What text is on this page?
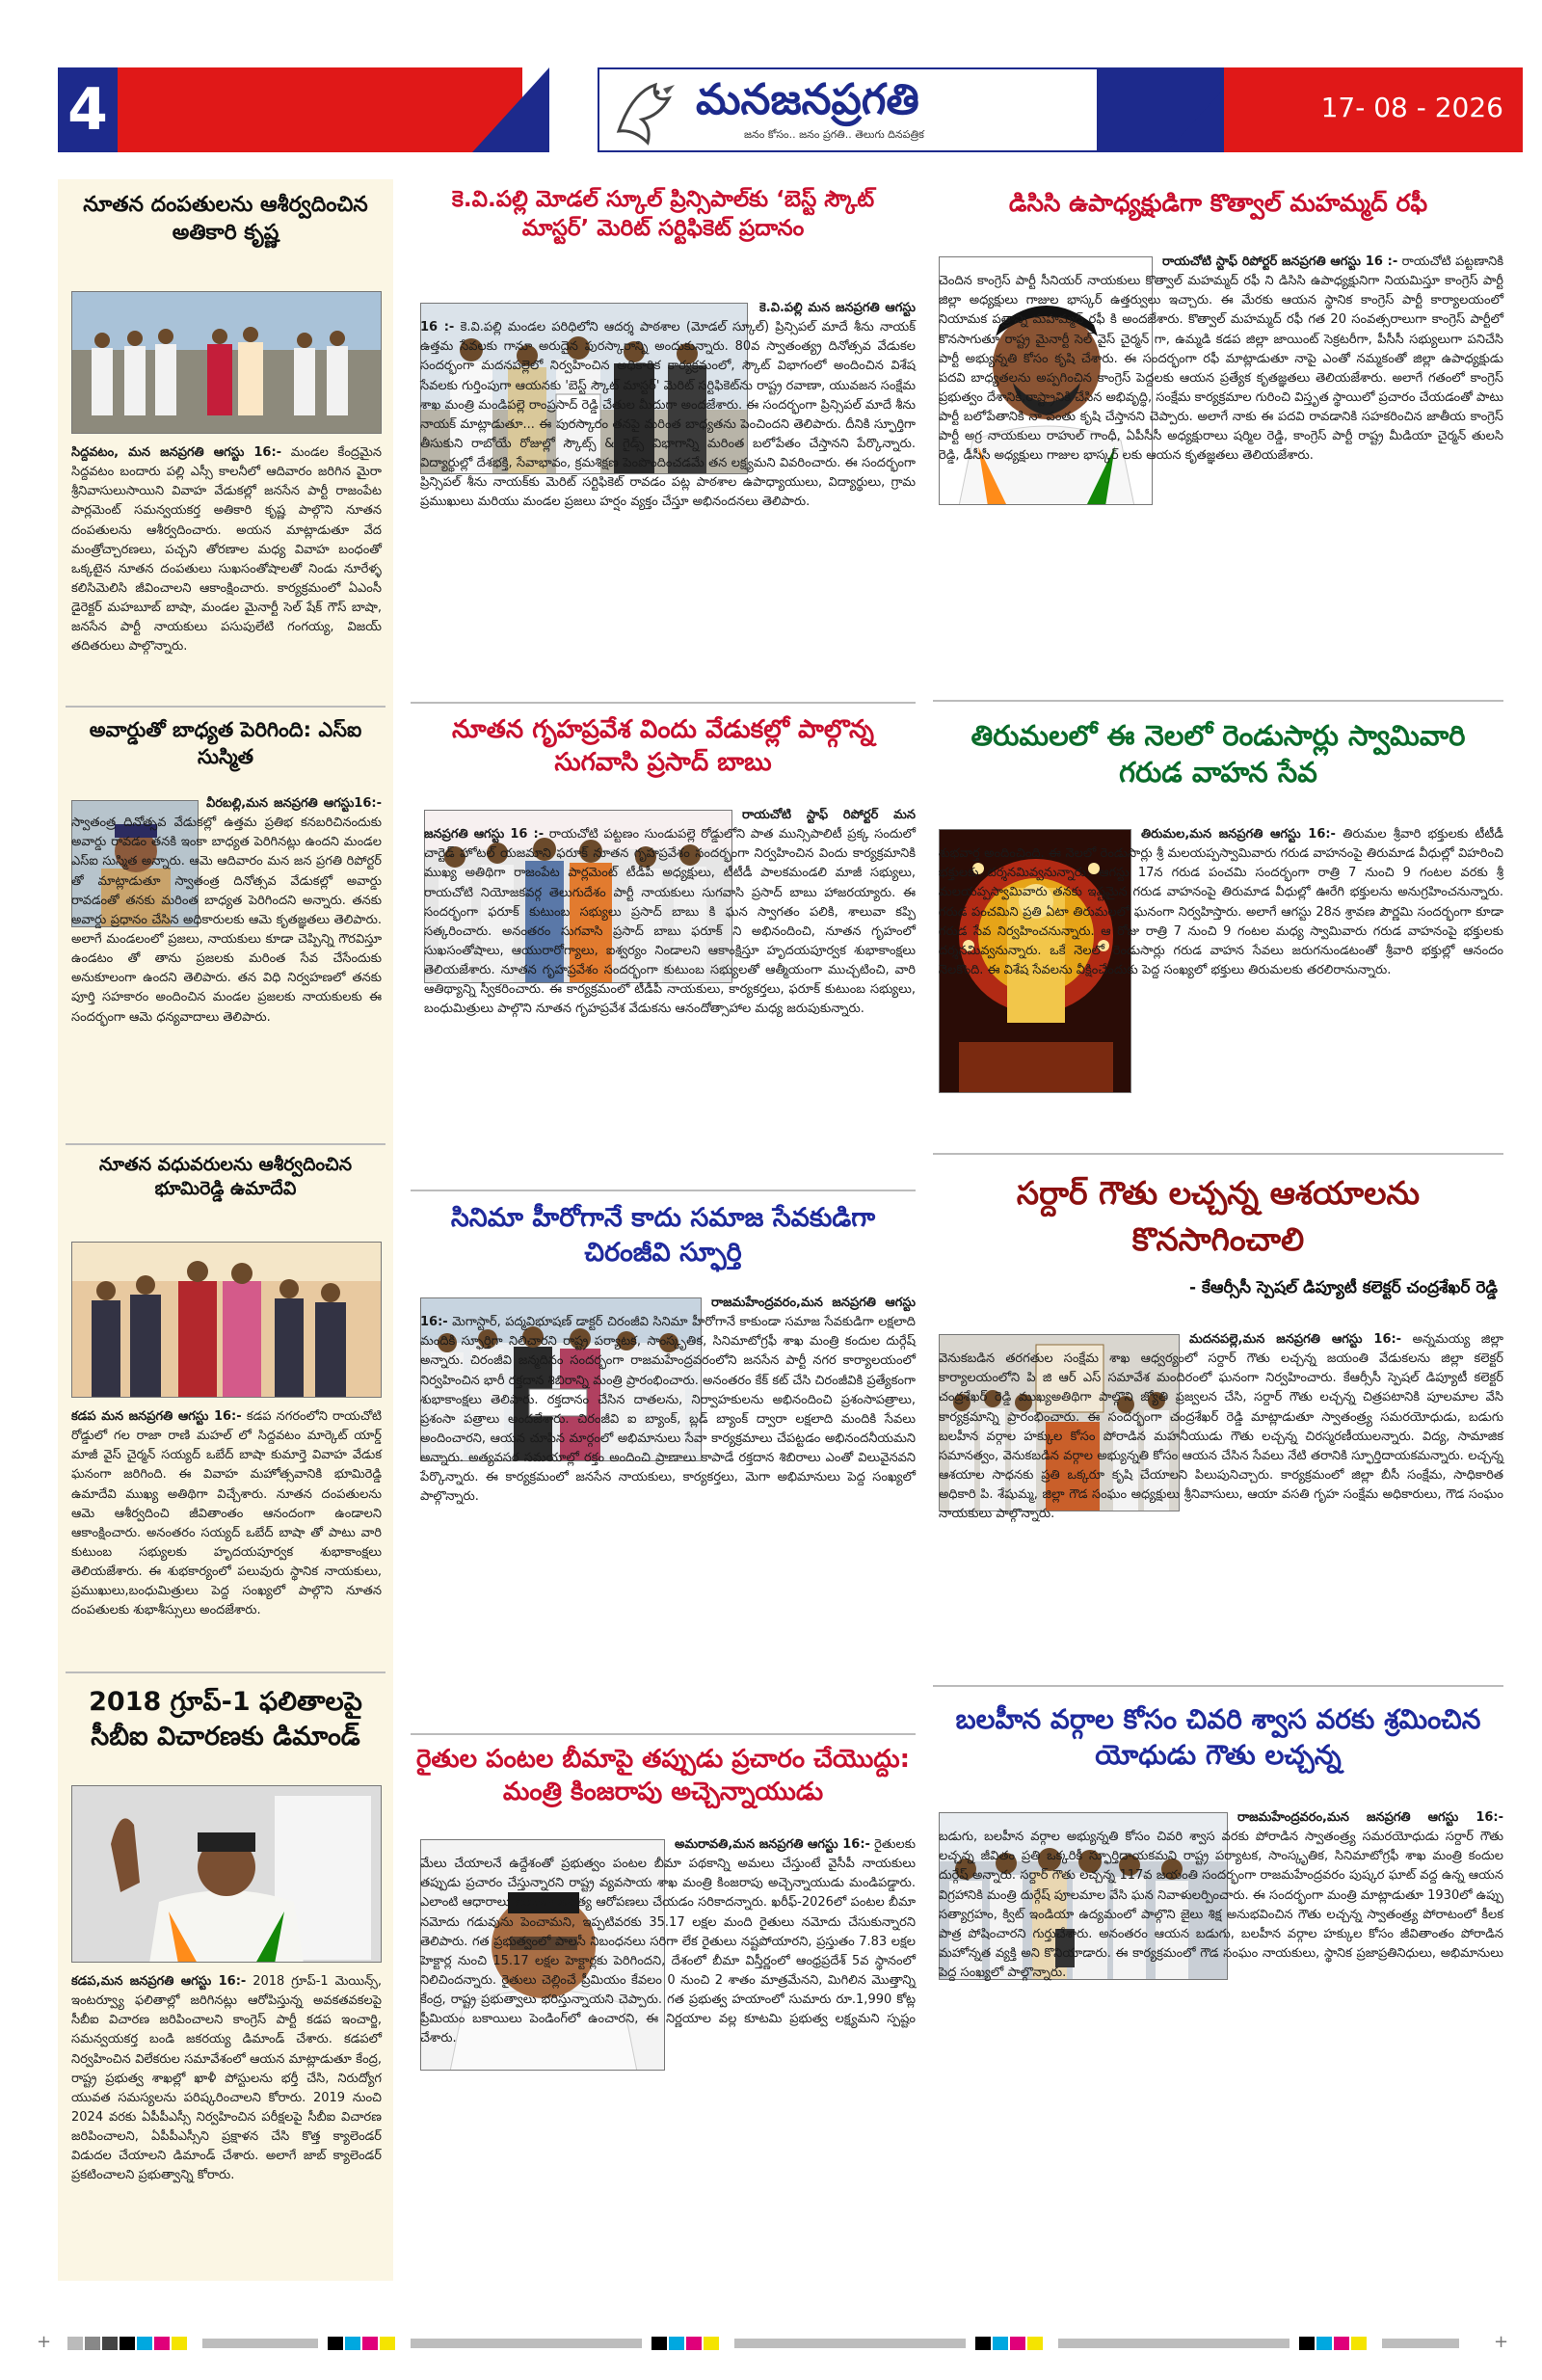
4	17- 08 - 2026
మనజనప్రగతి
జనం కోసం.. జనం ప్రగతి.. తెలుగు దినపత్రిక
నూతన దంపతులను ఆశీర్వదించిన అతికారి కృష్ణ
సిద్దవటం, మన జనప్రగతి ఆగస్టు 16:- మండల కేంద్రమైన సిద్దవటం బందారు పల్లి ఎస్సీ కాలనీలో ఆదివారం జరిగిన మైరా శ్రీనివాసులుసాయిని వివాహ వేడుకల్లో జనసేన పార్టీ రాజంపేట పార్లమెంట్ సమన్వయకర్త అతికారి కృష్ణ పాల్గొని నూతన దంపతులను ఆశీర్వదించారు. అయన మాట్లాడుతూ వేద మంత్రోచ్చారణలు, పచ్చని తోరణాల మధ్య వివాహ బంధంతో ఒక్కటైన నూతన దంపతులు సుఖసంతోషాలతో నిండు నూరేళ్ళ కలిసిమెలిసి జీవించాలని ఆకాంక్షించారు. కార్యక్రమంలో ఏఎంసీ డైరెక్టర్ మహబూబ్ బాషా, మండల మైనార్టీ సెల్ షేక్ గౌస్ బాషా, జనసేన పార్టీ నాయకులు పసుపులేటి గంగయ్య, విజయ్ తదితరులు పాల్గొన్నారు.
అవార్డుతో బాధ్యత పెరిగింది: ఎస్ఐ సుస్మిత
వీరబల్లి,మన జనప్రగతి ఆగస్టు16:- స్వాతంత్ర దినోత్సవ వేడుకల్లో ఉత్తమ ప్రతిభ కనబరిచినందుకు అవార్డు రావడం తనకి ఇంకా బాధ్యత పెరిగినట్లు ఉందని మండల ఎస్ఐ సుస్మిత అన్నారు. ఆమె ఆదివారం మన జన ప్రగతి రిపోర్టర్ తో మాట్లాడుతూ స్వాతంత్ర దినోత్సవ వేడుకల్లో అవార్డు రావడంతో తనకు మరింత బాధ్యత పెరిగిందని అన్నారు. తనకు అవార్డు ప్రధానం చేసిన అధికారులకు ఆమె కృతజ్ఞతలు తెలిపారు. అలాగే మండలంలో ప్రజలు, నాయకులు కూడా చెప్పిన్ని గౌరవిస్తూ ఉండటం తో తాను ప్రజలకు మరింత సేవ చేసేందుకు అనుకూలంగా ఉందని తెలిపారు. తన విధి నిర్వహణలో తనకు పూర్తి సహకారం అందించిన మండల ప్రజలకు నాయకులకు ఈ సందర్భంగా ఆమె ధన్యవాదాలు తెలిపారు.
నూతన వధువరులను ఆశీర్వదించిన భూమిరెడ్డి ఉమాదేవి
కడప మన జనప్రగతి ఆగస్టు 16:- కడప నగరంలోని రాయచోటి రోడ్డులో గల రాజా రాణి మహల్ లో సిద్దవటం మార్కెట్ యార్డ్ మాజీ వైస్ చైర్మన్ సయ్యద్ ఒబేద్ బాషా కుమార్తె వివాహ వేడుక ఘనంగా జరిగింది. ఈ వివాహ మహోత్సవానికి భూమిరెడ్డి ఉమాదేవి ముఖ్య అతిథిగా విచ్చేశారు. నూతన దంపతులను ఆమె ఆశీర్వదించి జీవితాంతం ఆనందంగా ఉండాలని ఆకాంక్షించారు. అనంతరం సయ్యద్ ఒబేద్ బాషా తో పాటు వారి కుటుంబ సభ్యులకు హృదయపూర్వక శుభాకాంక్షలు తెలియజేశారు. ఈ శుభకార్యంలో పలువురు స్థానిక నాయకులు, ప్రముఖులు,బంధుమిత్రులు పెద్ద సంఖ్యలో పాల్గొని నూతన దంపతులకు శుభాశీస్సులు అందజేశారు.
2018 గ్రూప్-1 ఫలితాలపై సీబీఐ విచారణకు డిమాండ్
కడప,మన జనప్రగతి ఆగస్టు 16:- 2018 గ్రూప్-1 మెయిన్స్, ఇంటర్వ్యూ ఫలితాల్లో జరిగినట్లు ఆరోపిస్తున్న అవకతవకలపై సీబీఐ విచారణ జరిపించాలని కాంగ్రెస్ పార్టీ కడప ఇంచార్జి, సమన్వయకర్త బండి జకరయ్య డిమాండ్ చేశారు. కడపలో నిర్వహించిన విలేకరుల సమావేశంలో ఆయన మాట్లాడుతూ కేంద్ర, రాష్ట్ర ప్రభుత్వ శాఖల్లో ఖాళీ పోస్టులను భర్తీ చేసి, నిరుద్యోగ యువత సమస్యలను పరిష్కరించాలని కోరారు. 2019 నుంచి 2024 వరకు ఏపీపీఎస్సీ నిర్వహించిన పరీక్షలపై సీబీఐ విచారణ జరిపించాలని, ఏపీపీఎస్సీని ప్రక్షాళన చేసి కొత్త క్యాలెండర్ విడుదల చేయాలని డిమాండ్ చేశారు. అలాగే జాబ్ క్యాలెండర్ ప్రకటించాలని ప్రభుత్వాన్ని కోరారు.
కె.వి.పల్లి మోడల్ స్కూల్ ప్రిన్సిపాల్‌కు ‘బెస్ట్ స్కౌట్ మాస్టర్’ మెరిట్ సర్టిఫికెట్ ప్రదానం
కె.వి.పల్లి మన జనప్రగతి ఆగస్టు 16 :- కె.వి.పల్లి మండల పరిధిలోని ఆదర్శ పాఠశాల (మోడల్ స్కూల్) ప్రిన్సిపల్ మాదే శీను నాయక్ ఉత్తమ సేవలకు గానూ అరుదైన పురస్కారాన్ని అందుకున్నారు. 80వ స్వాతంత్య్ర దినోత్సవ వేడుకల సందర్భంగా మదనపల్లెలో నిర్వహించిన అధికారిక కార్యక్రమంలో, స్కౌట్ విభాగంలో అందించిన విశేష సేవలకు గుర్తింపుగా ఆయనకు 'బెస్ట్ స్కౌట్ మాస్టర్' మెరిట్ సర్టిఫికెట్‌ను రాష్ట్ర రవాణా, యువజన సంక్షేమ శాఖ మంత్రి మండిపల్లె రాంప్రసాద్ రెడ్డి చేతుల మీదుగా అందజేశారు. ఈ సందర్భంగా ప్రిన్సిపల్ మాదే శీను నాయక్ మాట్లాడుతూ... ఈ పురస్కారం తనపై మరింత బాధ్యతను పెంచిందని తెలిపారు. దీనికి స్ఫూర్తిగా తీసుకుని రాబోయే రోజుల్లో స్కౌట్స్ & గైడ్స్ విభాగాన్ని మరింత బలోపేతం చేస్తానని పేర్కొన్నారు. విద్యార్థుల్లో దేశభక్తి, సేవాభావం, క్రమశిక్షణ పెంపొందించడమే తన లక్ష్యమని వివరించారు. ఈ సందర్భంగా ప్రిన్సిపల్ శీను నాయక్‌కు మెరిట్ సర్టిఫికెట్ రావడం పట్ల పాఠశాల ఉపాధ్యాయులు, విద్యార్థులు, గ్రామ ప్రముఖులు మరియు మండల ప్రజలు హర్షం వ్యక్తం చేస్తూ అభినందనలు తెలిపారు.
నూతన గృహప్రవేశ విందు వేడుకల్లో పాల్గొన్న సుగవాసి ప్రసాద్ బాబు
రాయచోటి స్టాఫ్ రిపోర్టర్ మన జనప్రగతి ఆగస్టు 16 :- రాయచోటి పట్టణం సుండుపల్లె రోడ్డులోని పాత మున్సిపాలిటీ ప్రక్క సందులో చార్టెడ్ హోటల్ యజమాని ఫరూక్ నూతన గృహప్రవేశం సందర్భంగా నిర్వహించిన విందు కార్యక్రమానికి ముఖ్య అతిథిగా రాజంపేట పార్లమెంట్ టీడీపీ అధ్యక్షులు, టీటీడీ పాలకమండలి మాజీ సభ్యులు, రాయచోటి నియోజకవర్గ తెలుగుదేశం పార్టీ నాయకులు సుగవాసి ప్రసాద్ బాబు హాజరయ్యారు. ఈ సందర్భంగా ఫరూక్ కుటుంబ సభ్యులు ప్రసాద్ బాబు కి ఘన స్వాగతం పలికి, శాలువా కప్పి సత్కరించారు. అనంతరం సుగవాసి ప్రసాద్ బాబు ఫరూక్ ని అభినందించి, నూతన గృహంలో సుఖసంతోషాలు, ఆయురారోగ్యాలు, ఐశ్వర్యం నిండాలని ఆకాంక్షిస్తూ హృదయపూర్వక శుభాకాంక్షలు తెలియజేశారు. నూతన గృహప్రవేశం సందర్భంగా కుటుంబ సభ్యులతో ఆత్మీయంగా ముచ్చటించి, వారి ఆతిథ్యాన్ని స్వీకరించారు. ఈ కార్యక్రమంలో టీడీపీ నాయకులు, కార్యకర్తలు, ఫరూక్ కుటుంబ సభ్యులు, బంధుమిత్రులు పాల్గొని నూతన గృహప్రవేశ వేడుకను ఆనందోత్సాహాల మధ్య జరుపుకున్నారు.
సినిమా హీరోగానే కాదు సమాజ సేవకుడిగా చిరంజీవి స్ఫూర్తి
రాజమహేంద్రవరం,మన జనప్రగతి ఆగస్టు 16:- మెగాస్టార్, పద్మవిభూషణ్ డాక్టర్ చిరంజీవి సినిమా హీరోగానే కాకుండా సమాజ సేవకుడిగా లక్షలాది మందికి స్ఫూర్తిగా నిలిచారని రాష్ట్ర పర్యాటక, సాంస్కృతిక, సినిమాటోగ్రఫీ శాఖ మంత్రి కందుల దుర్గేష్ అన్నారు. చిరంజీవి జన్మదినం సందర్భంగా రాజమహేంద్రవరంలోని జనసేన పార్టీ నగర కార్యాలయంలో నిర్వహించిన భారీ రక్తదాన శిబిరాన్ని మంత్రి ప్రారంభించారు. అనంతరం కేక్ కట్ చేసి చిరంజీవికి ప్రత్యేకంగా శుభాకాంక్షలు తెలిపారు. రక్తదానం చేసిన దాతలను, నిర్వాహకులను అభినందించి ప్రశంసాపత్రాలు, ప్రశంసా పత్రాలు అందజేశారు. చిరంజీవి ఐ బ్యాంక్, బ్లడ్ బ్యాంక్ ద్వారా లక్షలాది మందికి సేవలు అందించారని, ఆయన చూపిన మార్గంలో అభిమానులు సేవా కార్యక్రమాలు చేపట్టడం అభినందనీయమని అన్నారు. అత్యవసర సమయాల్లో రక్తం అందించి ప్రాణాలు కాపాడే రక్తదాన శిబిరాలు ఎంతో విలువైనవని పేర్కొన్నారు. ఈ కార్యక్రమంలో జనసేన నాయకులు, కార్యకర్తలు, మెగా అభిమానులు పెద్ద సంఖ్యలో పాల్గొన్నారు.
రైతుల పంటల బీమాపై తప్పుడు ప్రచారం చేయొద్దు: మంత్రి కింజరాపు అచ్చెన్నాయుడు
అమరావతి,మన జనప్రగతి ఆగస్టు 16:- రైతులకు మేలు చేయాలనే ఉద్దేశంతో ప్రభుత్వం పంటల బీమా పథకాన్ని అమలు చేస్తుంటే వైసీపీ నాయకులు తప్పుడు ప్రచారం చేస్తున్నారని రాష్ట్ర వ్యవసాయ శాఖ మంత్రి కింజరాపు అచ్చెన్నాయుడు మండిపడ్డారు. ఎలాంటి ఆధారాలు లేకుండా అసత్య ఆరోపణలు చేయడం సరికాదన్నారు. ఖరీఫ్-2026లో పంటల బీమా నమోదు గడువును పెంచామని, ఇప్పటివరకు 35.17 లక్షల మంది రైతులు నమోదు చేసుకున్నారని తెలిపారు. గత ప్రభుత్వంలో పాలసీ నిబంధనలు సరిగా లేక రైతులు నష్టపోయారని, ప్రస్తుతం 7.83 లక్షల హెక్టార్ల నుంచి 15.17 లక్షల హెక్టార్లకు పెరిగిందని, దేశంలో బీమా విస్తీర్ణంలో ఆంధ్రప్రదేశ్ 5వ స్థానంలో నిలిచిందన్నారు. రైతులు చెల్లించే ప్రీమియం కేవలం 0 నుంచి 2 శాతం మాత్రమేనని, మిగిలిన మొత్తాన్ని కేంద్ర, రాష్ట్ర ప్రభుత్వాలు భరిస్తున్నాయని చెప్పారు. గత ప్రభుత్వ హయాంలో సుమారు రూ.1,990 కోట్ల ప్రీమియం బకాయిలు పెండింగ్‌లో ఉంచారని, ఈ నిర్ణయాల వల్ల కూటమి ప్రభుత్వ లక్ష్యమని స్పష్టం చేశారు.
డిసిసి ఉపాధ్యక్షుడిగా కొత్వాల్ మహమ్మద్ రఫీ
రాయచోటి స్టాఫ్ రిపోర్టర్ జనప్రగతి ఆగస్టు 16 :- రాయచోటి పట్టణానికి చెందిన కాంగ్రెస్ పార్టీ సీనియర్ నాయకులు కొత్వాల్ మహమ్మద్ రఫీ ని డిసిసి ఉపాధ్యక్షునిగా నియమిస్తూ కాంగ్రెస్ పార్టీ జిల్లా అధ్యక్షులు గాజుల భాస్కర్ ఉత్తర్వులు ఇచ్చారు. ఈ మేరకు ఆయన స్థానిక కాంగ్రెస్ పార్టీ కార్యాలయంలో నియామక పత్రాన్ని మహమ్మద్ రఫీ కి అందజేశారు. కొత్వాల్ మహమ్మద్ రఫీ గత 20 సంవత్సరాలుగా కాంగ్రెస్ పార్టీలో కొనసాగుతూ రాష్ట్ర మైనార్టీ సెల్ వైస్ చైర్మన్ గా, ఉమ్మడి కడప జిల్లా జాయింట్ సెక్రటరీగా, పీసీసీ సభ్యులుగా పనిచేసి పార్టీ అభ్యున్నతి కోసం కృషి చేశారు. ఈ సందర్భంగా రఫీ మాట్లాడుతూ నాపై ఎంతో నమ్మకంతో జిల్లా ఉపాధ్యక్షుడు పదవి బాధ్యతలను అప్పగించిన కాంగ్రెస్ పెద్దలకు ఆయన ప్రత్యేక కృతజ్ఞతలు తెలియజేశారు. అలాగే గతంలో కాంగ్రెస్ ప్రభుత్వం దేశానికి,రాష్ట్రానికి చేసిన అభివృద్ధి, సంక్షేమ కార్యక్రమాల గురించి విస్తృత స్థాయిలో ప్రచారం చేయడంతో పాటు పార్టీ బలోపేతానికి నా వంతు కృషి చేస్తానని చెప్పారు. అలాగే నాకు ఈ పదవి రావడానికి సహకరించిన జాతీయ కాంగ్రెస్ పార్టీ అగ్ర నాయకులు రాహుల్ గాంధీ, ఏపీసీసీ అధ్యక్షురాలు షర్మిల రెడ్డి, కాంగ్రెస్ పార్టీ రాష్ట్ర మీడియా చైర్మన్ తులసి రెడ్డి, డీసీసీ అధ్యక్షులు గాజుల భాస్కర్ లకు ఆయన కృతజ్ఞతలు తెలియజేశారు.
తిరుమలలో ఈ నెలలో రెండుసార్లు స్వామివారి గరుడ వాహన సేవ
తిరుమల,మన జనప్రగతి ఆగస్టు 16:- తిరుమల శ్రీవారి భక్తులకు టీటీడీ శుభవార్త అందించింది. ఈ నెలలో రెండుసార్లు శ్రీ మలయప్పస్వామివారు గరుడ వాహనంపై తిరుమాడ వీధుల్లో విహరించి భక్తులకు దర్శనమివ్వనున్నారు. ఆగస్టు 17న గరుడ పంచమి సందర్భంగా రాత్రి 7 నుంచి 9 గంటల వరకు శ్రీ మలయప్పస్వామివారు తనకు ఇష్టమైన గరుడ వాహనంపై తిరుమాడ వీధుల్లో ఊరేగి భక్తులను అనుగ్రహించనున్నారు. గరుడ పంచమిని ప్రతి ఏటా తిరుమలలో ఘనంగా నిర్వహిస్తారు. అలాగే ఆగస్టు 28న శ్రావణ పౌర్ణమి సందర్భంగా కూడా గరుడ సేవ నిర్వహించనున్నారు. ఆ రోజు రాత్రి 7 నుంచి 9 గంటల మధ్య స్వామివారు గరుడ వాహనంపై భక్తులకు దర్శనమివ్వనున్నారు. ఒకే నెలలో రెండుసార్లు గరుడ వాహన సేవలు జరుగనుండటంతో శ్రీవారి భక్తుల్లో ఆనందం నెలకొంది. ఈ విశేష సేవలను వీక్షించేందుకు పెద్ద సంఖ్యలో భక్తులు తిరుమలకు తరలిరానున్నారు.
సర్దార్ గౌతు లచ్చన్న ఆశయాలను కొనసాగించాలి
- కేఆర్సీసీ స్పెషల్ డిప్యూటీ కలెక్టర్ చంద్రశేఖర్ రెడ్డి
మదనపల్లె,మన జనప్రగతి ఆగస్టు 16:- అన్నమయ్య జిల్లా వెనుకబడిన తరగతుల సంక్షేమ శాఖ ఆధ్వర్యంలో సర్దార్ గౌతు లచ్చన్న జయంతి వేడుకలను జిల్లా కలెక్టర్ కార్యాలయంలోని పి జి ఆర్ ఎస్ సమావేశ మందిరంలో ఘనంగా నిర్వహించారు. కేఆర్సీసీ స్పెషల్ డిప్యూటీ కలెక్టర్ చంద్రశేఖర్ రెడ్డి ముఖ్యఅతిథిగా పాల్గొని జ్యోతి ప్రజ్వలన చేసి, సర్దార్ గౌతు లచ్చన్న చిత్రపటానికి పూలమాల వేసి కార్యక్రమాన్ని ప్రారంభించారు. ఈ సందర్భంగా చంద్రశేఖర్ రెడ్డి మాట్లాడుతూ స్వాతంత్ర్య సమరయోధుడు, బడుగు బలహీన వర్గాల హక్కుల కోసం పోరాడిన మహనీయుడు గౌతు లచ్చన్న చిరస్మరణీయులన్నారు. విద్య, సామాజిక సమానత్వం, వెనుకబడిన వర్గాల అభ్యున్నతి కోసం ఆయన చేసిన సేవలు నేటి తరానికి స్ఫూర్తిదాయకమన్నారు. లచ్చన్న ఆశయాల సాధనకు ప్రతి ఒక్కరూ కృషి చేయాలని పిలుపునిచ్చారు. కార్యక్రమంలో జిల్లా బీసీ సంక్షేమ, సాధికారిత అధికారి పి. శేషుమ్మ, జిల్లా గౌడ సంఘం అధ్యక్షులు శ్రీనివాసులు, ఆయా వసతి గృహ సంక్షేమ అధికారులు, గౌడ సంఘం నాయకులు పాల్గొన్నారు.
బలహీన వర్గాల కోసం చివరి శ్వాస వరకు శ్రమించిన యోధుడు గౌతు లచ్చన్న
రాజమహేంద్రవరం,మన జనప్రగతి ఆగస్టు 16:- బడుగు, బలహీన వర్గాల అభ్యున్నతి కోసం చివరి శ్వాస వరకు పోరాడిన స్వాతంత్ర్య సమరయోధుడు సర్దార్ గౌతు లచ్చన్న జీవితం ప్రతి ఒక్కరికీ స్ఫూర్తిదాయకమని రాష్ట్ర పర్యాటక, సాంస్కృతిక, సినిమాటోగ్రఫీ శాఖ మంత్రి కందుల దుర్గేష్ అన్నారు. సర్దార్ గౌతు లచ్చన్న 117వ జయంతి సందర్భంగా రాజమహేంద్రవరం పుష్కర ఘాట్ వద్ద ఉన్న ఆయన విగ్రహానికి మంత్రి దుర్గేష్ పూలమాల వేసి ఘన నివాళులర్పించారు. ఈ సందర్భంగా మంత్రి మాట్లాడుతూ 1930లో ఉప్పు సత్యాగ్రహం, క్విట్ ఇండియా ఉద్యమంలో పాల్గొని జైలు శిక్ష అనుభవించిన గౌతు లచ్చన్న స్వాతంత్ర్య పోరాటంలో కీలక పాత్ర పోషించారని గుర్తుచేశారు. అనంతరం ఆయన బడుగు, బలహీన వర్గాల హక్కుల కోసం జీవితాంతం పోరాడిన మహోన్నత వ్యక్తి అని కొనియాడారు. ఈ కార్యక్రమంలో గౌడ సంఘం నాయకులు, స్థానిక ప్రజాప్రతినిధులు, అభిమానులు పెద్ద సంఖ్యలో పాల్గొన్నారు.
+	+
